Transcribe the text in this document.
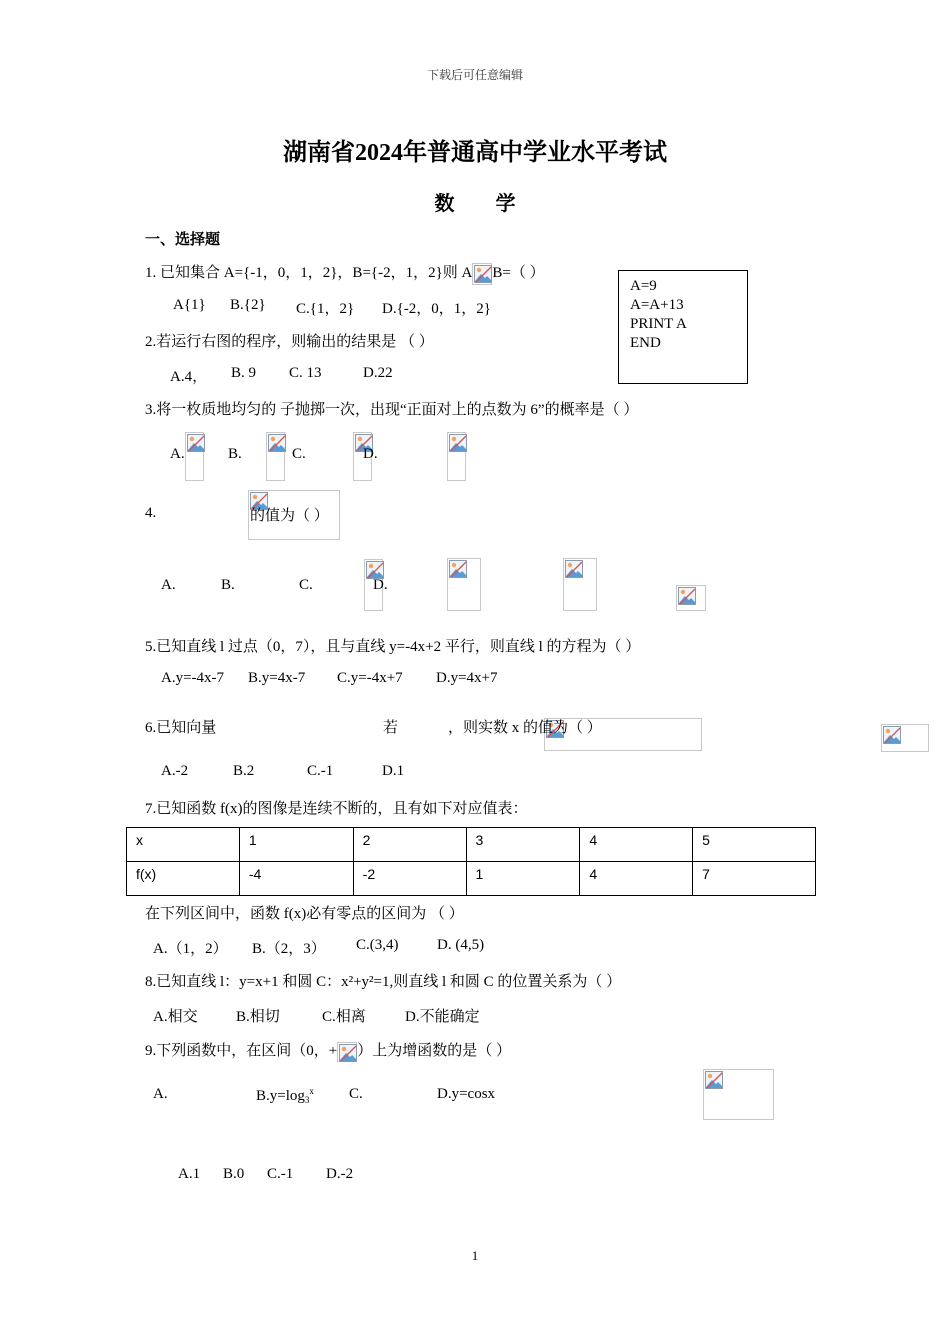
下载后可任意编辑
湖南省2024年普通高中学业水平考试
数 学
一、选择题
1. 已知集合 A={-1，0，1，2}，B={-2，1，2}则 A B=（ ）
A{1} B.{2} C.{1，2} D.{-2，0，1，2}
A=9
A=A+13
PRINT A
END
2.若运行右图的程序，则输出的结果是 （ ）
A.4， B. 9 C. 13	D.22
3.将一枚质地均匀的 子抛掷一次，出现“正面对上的点数为 6”的概率是（ ）
A.
	B.
	C.
	D.

4.
	的值为（ ）
A.
	B.
	C.
	D.

5.已知直线 l 过点（0，7），且与直线 y=-4x+2 平行，则直线 l 的方程为（ ）
A.y=-4x-7 B.y=4x-7 C.y=-4x+7 D.y=4x+7
6.已知向量
	若
	，则实数 x 的值为（ ）
A.-2	B.2	C.-1	D.1
7.已知函数 f(x)的图像是连续不断的，且有如下对应值表：
x	1	2	3	4	5
f(x)	-4	-2	1	4	7
在下列区间中，函数 f(x)必有零点的区间为 （ ）
A.（1，2） B.（2，3） C.(3,4)	D. (4,5)
8.已知直线 l：y=x+1 和圆 C：x²+y²=1,则直线 l 和圆 C 的位置关系为（ ）
A.相交	B.相切	C.相离	D.不能确定
9.下列函数中，在区间（0，+ ）上为增函数的是（ ）
A.
	$B.y=\log_3^x$ C.	D.y=cosx
A.1 B.0 C.-1 D.-2
1
